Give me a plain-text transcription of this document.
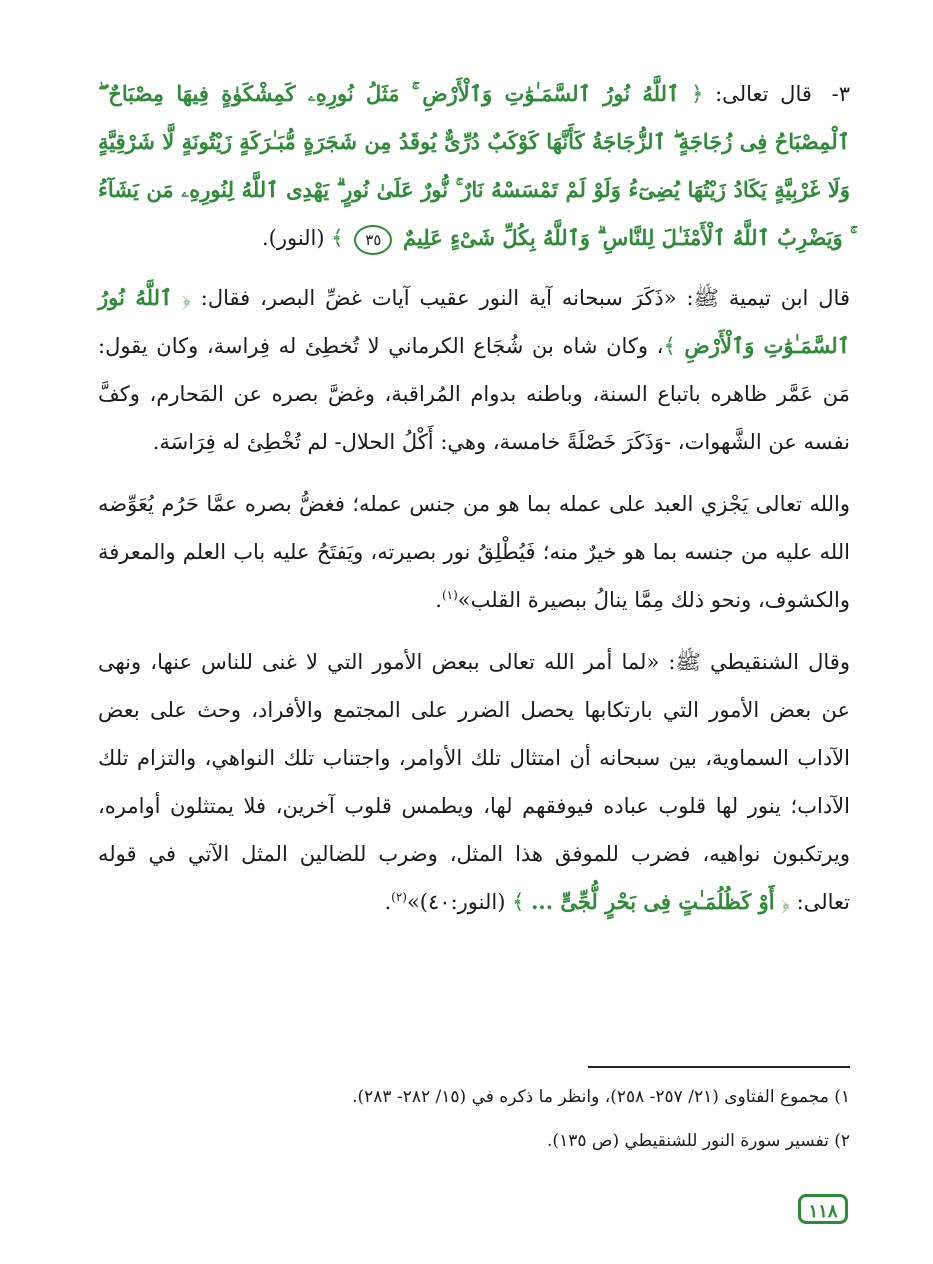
٣- قال تعالى: ﴿ ٱللَّهُ نُورُ ٱلسَّمَـٰوَٰتِ وَٱلْأَرْضِ ۚ مَثَلُ نُورِهِۦ كَمِشْكَوٰةٍ فِيهَا مِصْبَاحٌ ۖ ٱلْمِصْبَاحُ فِى زُجَاجَةٍ ۖ ٱلزُّجَاجَةُ كَأَنَّهَا كَوْكَبٌ دُرِّىٌّ يُوقَدُ مِن شَجَرَةٍ مُّبَـٰرَكَةٍ زَيْتُونَةٍ لَّا شَرْقِيَّةٍ وَلَا غَرْبِيَّةٍ يَكَادُ زَيْتُهَا يُضِىٓءُ وَلَوْ لَمْ تَمْسَسْهُ نَارٌ ۚ نُّورٌ عَلَىٰ نُورٍ ۗ يَهْدِى ٱللَّهُ لِنُورِهِۦ مَن يَشَآءُ ۚ وَيَضْرِبُ ٱللَّهُ ٱلْأَمْثَـٰلَ لِلنَّاسِ ۗ وَٱللَّهُ بِكُلِّ شَىْءٍ عَلِيمٌ ٣٥ ﴾ (النور).

قال ابن تيمية ﷺ: «ذَكَرَ سبحانه آية النور عقيب آيات غضِّ البصر، فقال: ﴿ ٱللَّهُ نُورُ ٱلسَّمَـٰوَٰتِ وَٱلْأَرْضِ ﴾، وكان شاه بن شُجَاع الكرماني لا تُخطِئ له فِراسة، وكان يقول: مَن عَمَّر ظاهره باتباع السنة، وباطنه بدوام المُراقبة، وغضَّ بصره عن المَحارم، وكفَّ نفسه عن الشَّهوات، -وَذَكَرَ خَصْلَةً خامسة، وهي: أَكْلُ الحلال- لم تُخْطِئ له فِرَاسَة.

والله تعالى يَجْزي العبد على عمله بما هو من جنس عمله؛ فغضُّ بصره عمَّا حَرُم يُعَوِّضه الله عليه من جنسه بما هو خيرٌ منه؛ فَيُطْلِقُ نور بصيرته، ويَفتَحُ عليه باب العلم والمعرفة والكشوف، ونحو ذلك مِمَّا ينالُ ببصيرة القلب»$^{(١)}$.

وقال الشنقيطي ﷺ: «لما أمر الله تعالى ببعض الأمور التي لا غنى للناس عنها، ونهى عن بعض الأمور التي بارتكابها يحصل الضرر على المجتمع والأفراد، وحث على بعض الآداب السماوية، بين سبحانه أن امتثال تلك الأوامر، واجتناب تلك النواهي، والتزام تلك الآداب؛ ينور لها قلوب عباده فيوفقهم لها، ويطمس قلوب آخرين، فلا يمتثلون أوامره، ويرتكبون نواهيه، فضرب للموفق هذا المثل، وضرب للضالين المثل الآتي في قوله تعالى: ﴿ أَوْ كَظُلُمَـٰتٍ فِى بَحْرٍ لُّجِّىٍّ ... ﴾ (النور:٤٠)»$^{(٢)}$.

١) مجموع الفتاوى (٢١/ ٢٥٧- ٢٥٨)، وانظر ما ذكره في (١٥/ ٢٨٢- ٢٨٣).

٢) تفسير سورة النور للشنقيطي (ص ١٣٥).

١١٨
